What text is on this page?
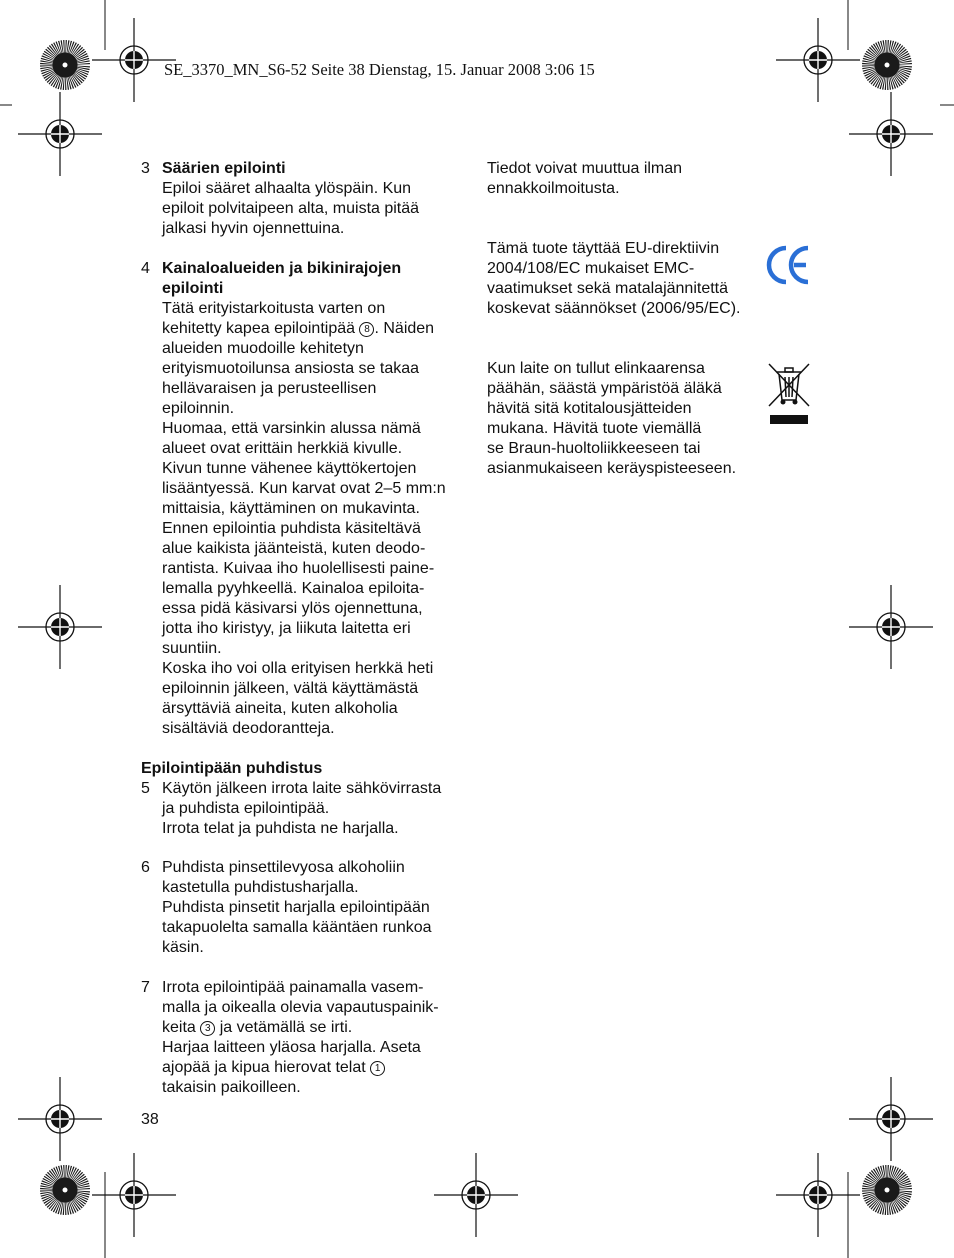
SE_3370_MN_S6-52 Seite 38 Dienstag, 15. Januar 2008 3:06 15
3 Säärien epilointi
Epiloi sääret alhaalta ylöspäin. Kun
epiloit polvitaipeen alta, muista pitää
jalkasi hyvin ojennettuina.
4 Kainaloalueiden ja bikinirajojen
epilointi
Tätä erityistarkoitusta varten on
kehitetty kapea epilointipää 8 . Näiden
alueiden muodoille kehitetyn
erityismuotoilunsa ansiosta se takaa
hellävaraisen ja perusteellisen
epiloinnin.
Huomaa, että varsinkin alussa nämä
alueet ovat erittäin herkkiä kivulle.
Kivun tunne vähenee käyttökertojen
lisääntyessä. Kun karvat ovat 2–5 mm:n
mittaisia, käyttäminen on mukavinta.
Ennen epilointia puhdista käsiteltävä
alue kaikista jäänteistä, kuten deodo-
rantista. Kuivaa iho huolellisesti paine-
lemalla pyyhkeellä. Kainaloa epiloita-
essa pidä käsivarsi ylös ojennettuna,
jotta iho kiristyy, ja liikuta laitetta eri
suuntiin.
Koska iho voi olla erityisen herkkä heti
epiloinnin jälkeen, vältä käyttämästä
ärsyttäviä aineita, kuten alkoholia
sisältäviä deodorantteja.
Epilointipään puhdistus
5 Käytön jälkeen irrota laite sähkövirrasta
ja puhdista epilointipää.
Irrota telat ja puhdista ne harjalla.
6 Puhdista pinsettilevyosa alkoholiin
kastetulla puhdistusharjalla.
Puhdista pinsetit harjalla epilointipään
takapuolelta samalla kääntäen runkoa
käsin.
7 Irrota epilointipää painamalla vasem-
malla ja oikealla olevia vapautuspainik-
keita 3 ja vetämällä se irti.
Harjaa laitteen yläosa harjalla. Aseta
ajopää ja kipua hierovat telat 1
takaisin paikoilleen.
38
Tiedot voivat muuttua ilman
ennakkoilmoitusta.
Tämä tuote täyttää EU-direktiivin
2004/108/EC mukaiset EMC-
vaatimukset sekä matalajännitettä
koskevat säännökset (2006/95/EC).
Kun laite on tullut elinkaarensa
päähän, säästä ympäristöä äläkä
hävitä sitä kotitalousjätteiden
mukana. Hävitä tuote viemällä
se Braun-huoltoliikkeeseen tai
asianmukaiseen keräyspisteeseen.
